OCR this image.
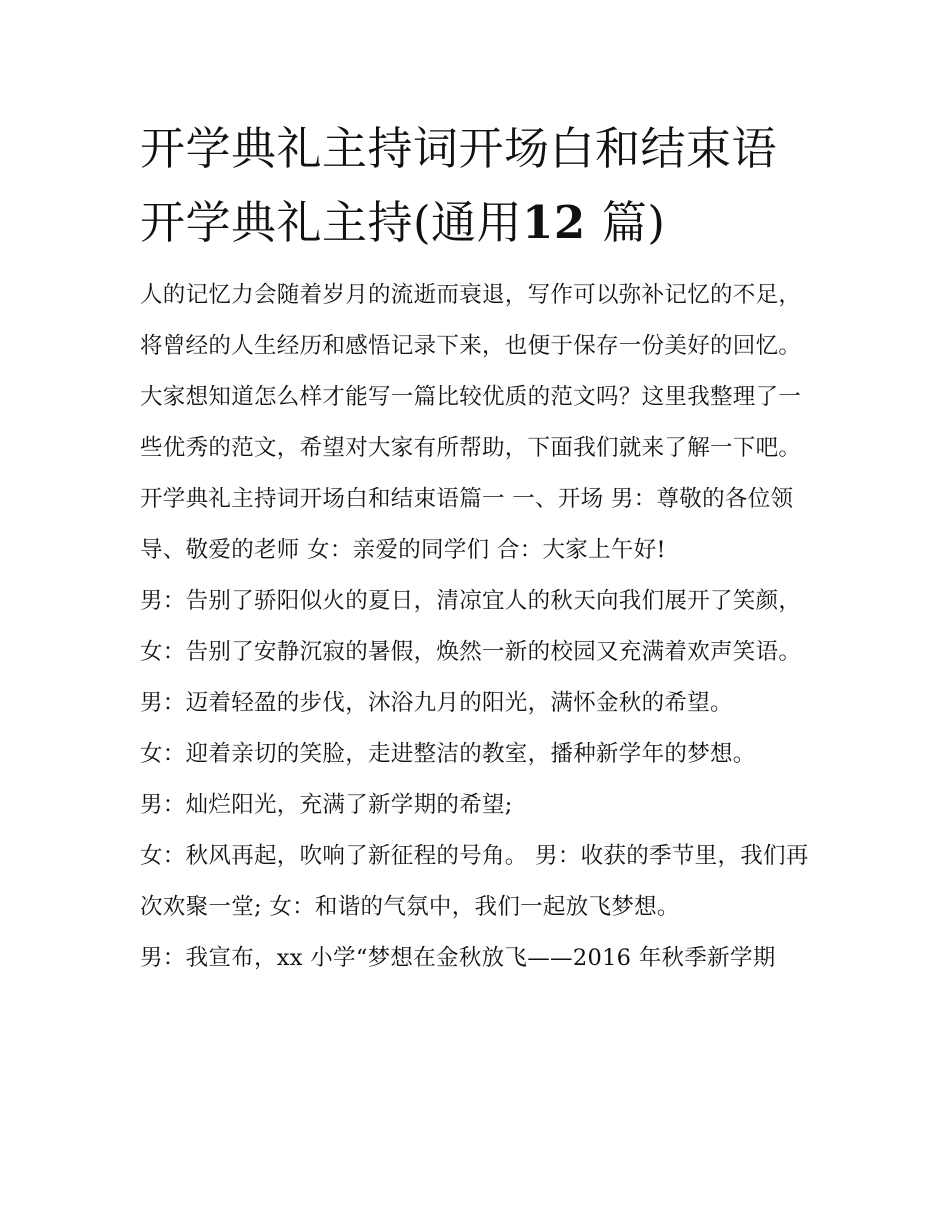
开学典礼主持词开场白和结束语 开学典礼主持(通用12 篇)

人的记忆力会随着岁月的流逝而衰退，写作可以弥补记忆的不足，将曾经的人生经历和感悟记录下来，也便于保存一份美好的回忆。大家想知道怎么样才能写一篇比较优质的范文吗？这里我整理了一些优秀的范文，希望对大家有所帮助，下面我们就来了解一下吧。

开学典礼主持词开场白和结束语篇一 一、开场 男：尊敬的各位领导、敬爱的老师 女：亲爱的同学们 合：大家上午好!

男：告别了骄阳似火的夏日，清凉宜人的秋天向我们展开了笑颜， 女：告别了安静沉寂的暑假，焕然一新的校园又充满着欢声笑语。

男：迈着轻盈的步伐，沐浴九月的阳光，满怀金秋的希望。

女：迎着亲切的笑脸，走进整洁的教室，播种新学年的梦想。

男：灿烂阳光，充满了新学期的希望;

女：秋风再起，吹响了新征程的号角。 男：收获的季节里，我们再次欢聚一堂; 女：和谐的气氛中，我们一起放飞梦想。

男：我宣布，xx 小学“梦想在金秋放飞——2016 年秋季新学期
